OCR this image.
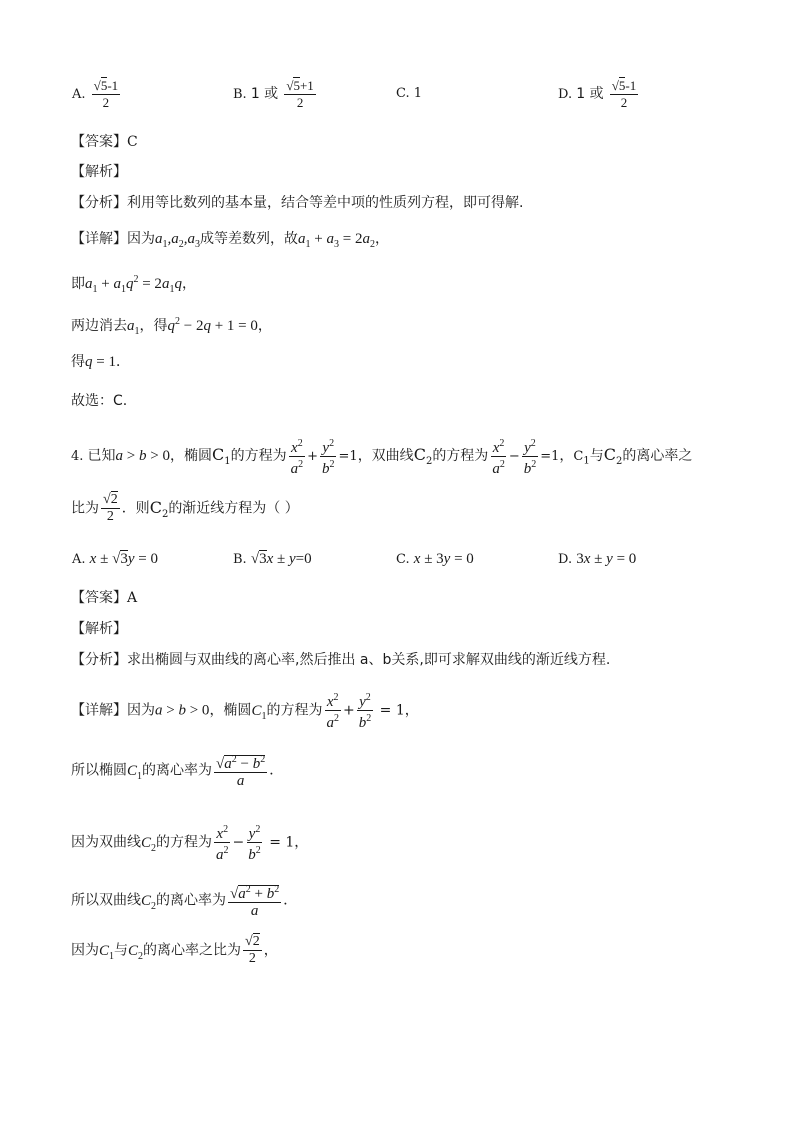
A. $\frac{√5-1}{2}$	B. 1 或 $\frac{√5+1}{2}$	C. 1	D. 1 或 $\frac{√5-1}{2}$
【答案】C
【解析】
【分析】利用等比数列的基本量，结合等差中项的性质列方程，即可得解.
【详解】因为$a_1,a_2,a_3$成等差数列，故$a_1 + a_3 = 2a_2$，
即$a_1 + a_1q^2 = 2a_1q$，
两边消去$a_1$，得$q^2 - 2q + 1 = 0$，
得q = 1．
故选：C.
4. 已知a > b > 0，椭圆$C_1$的方程为 $\frac{x^2}{a^2} + \frac{y^2}{b^2} =1$，双曲线$C_2$的方程为 $\frac{x^2}{a^2} - \frac{y^2}{b^2} =1$，$C_1$与$C_2$的离心率之
比为 $\frac{√2}{2}$ ．则$C_2$的渐近线方程为（ ）
A. x ± √3y = 0	B. √3x ± y=0	C. x ± 3y = 0	D. 3x ± y = 0
【答案】A
【解析】
【分析】求出椭圆与双曲线的离心率,然后推出 a、b关系,即可求解双曲线的渐近线方程.
【详解】因为a > b > 0，椭圆$C_1$的方程为 $\frac{x^2}{a^2} + \frac{y^2}{b^2} = 1$，
所以椭圆$C_1$的离心率为 $\frac{√a^2 - b^2}{a}$ ．
因为双曲线$C_2$的方程为 $\frac{x^2}{a^2} - \frac{y^2}{b^2} = 1$，
所以双曲线$C_2$的离心率为 $\frac{√a^2 + b^2}{a}$ ．
因为$C_1$与$C_2$的离心率之比为 $\frac{√2}{2}$ ，
